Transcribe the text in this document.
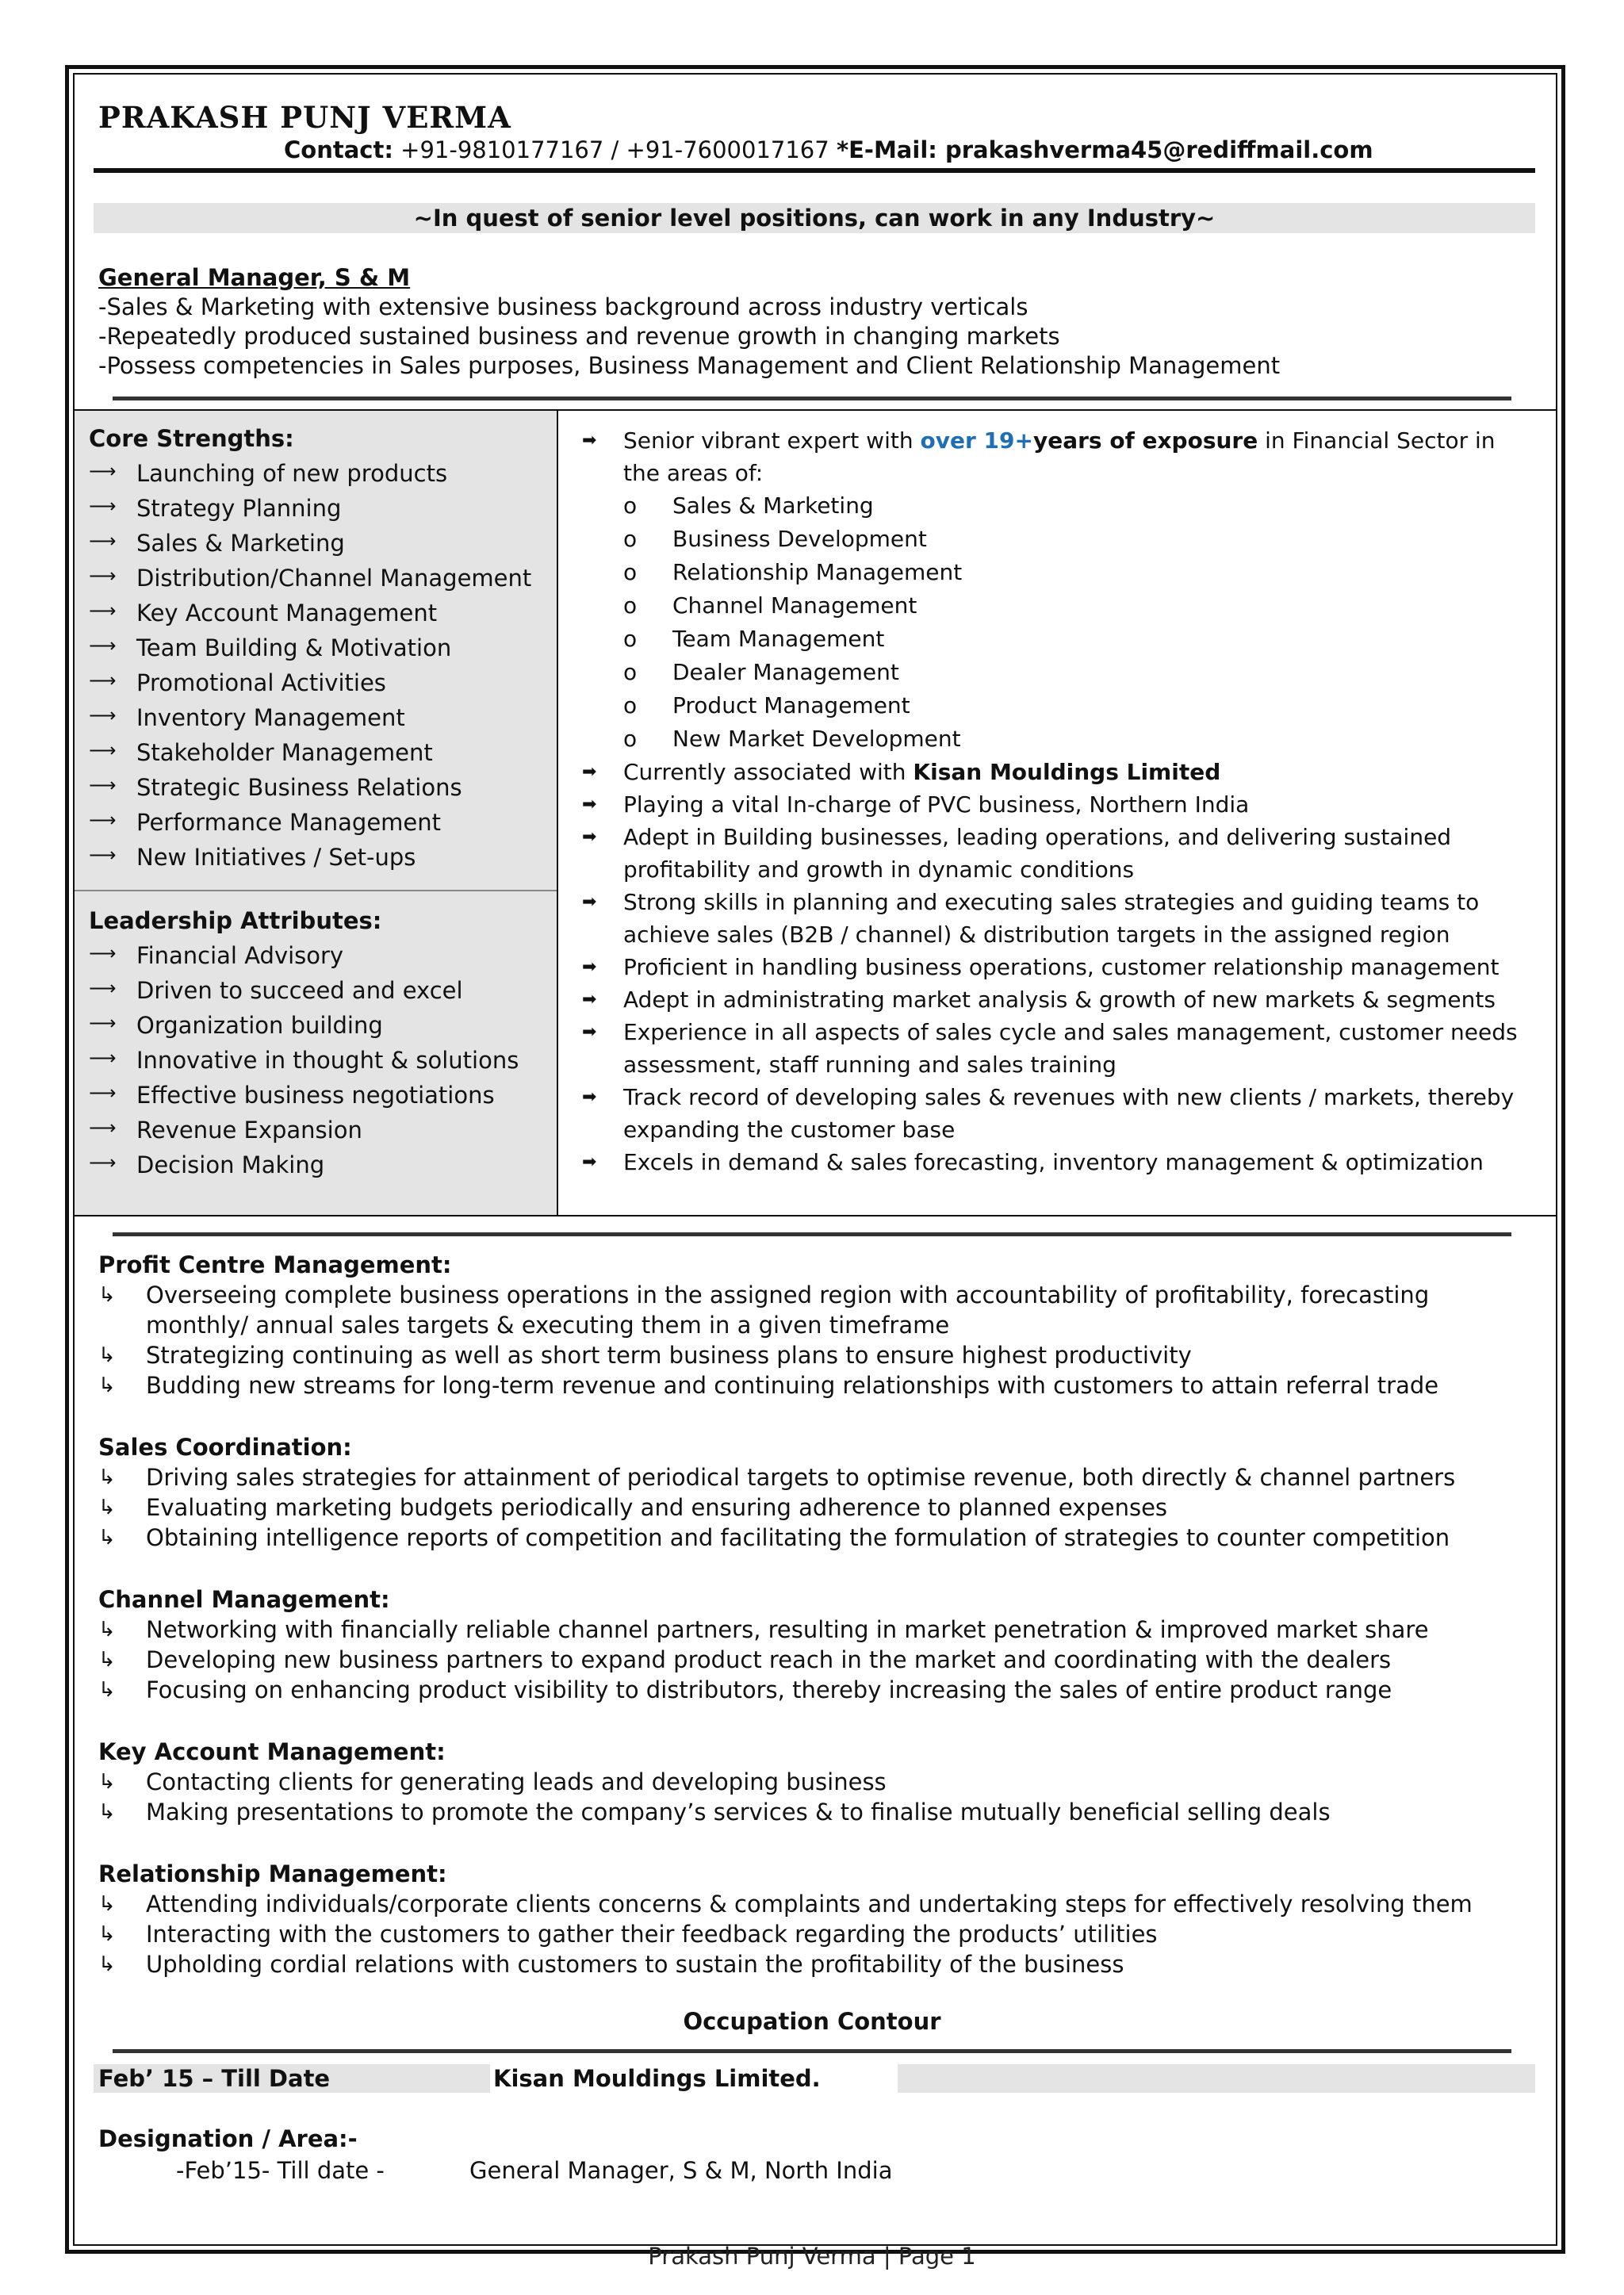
PRAKASH PUNJ VERMA
Contact: +91-9810177167 / +91-7600017167 *E-Mail: prakashverma45@rediffmail.com
~In quest of senior level positions, can work in any Industry~
General Manager, S & M
-Sales & Marketing with extensive business background across industry verticals
-Repeatedly produced sustained business and revenue growth in changing markets
-Possess competencies in Sales purposes, Business Management and Client Relationship Management
Core Strengths:
⟶ Launching of new products
⟶ Strategy Planning
⟶ Sales & Marketing
⟶ Distribution/Channel Management
⟶ Key Account Management
⟶ Team Building & Motivation
⟶ Promotional Activities
⟶ Inventory Management
⟶ Stakeholder Management
⟶ Strategic Business Relations
⟶ Performance Management
⟶ New Initiatives / Set-ups
Leadership Attributes:
⟶ Financial Advisory
⟶ Driven to succeed and excel
⟶ Organization building
⟶ Innovative in thought & solutions
⟶ Effective business negotiations
⟶ Revenue Expansion
⟶ Decision Making
➡	Senior vibrant expert with over 19+years of exposure in Financial Sector in the areas of:
o	Sales & Marketing
o	Business Development
o	Relationship Management
o	Channel Management
o	Team Management
o	Dealer Management
o	Product Management
o	New Market Development
➡	Currently associated with Kisan Mouldings Limited
➡	Playing a vital In-charge of PVC business, Northern India
➡	Adept in Building businesses, leading operations, and delivering sustained profitability and growth in dynamic conditions
➡	Strong skills in planning and executing sales strategies and guiding teams to achieve sales (B2B / channel) & distribution targets in the assigned region
➡	Proficient in handling business operations, customer relationship management
➡	Adept in administrating market analysis & growth of new markets & segments
➡	Experience in all aspects of sales cycle and sales management, customer needs assessment, staff running and sales training
➡	Track record of developing sales & revenues with new clients / markets, thereby expanding the customer base
➡	Excels in demand & sales forecasting, inventory management & optimization
Profit Centre Management:
↳	Overseeing complete business operations in the assigned region with accountability of profitability, forecasting monthly/ annual sales targets & executing them in a given timeframe
↳	Strategizing continuing as well as short term business plans to ensure highest productivity
↳	Budding new streams for long-term revenue and continuing relationships with customers to attain referral trade
Sales Coordination:
↳	Driving sales strategies for attainment of periodical targets to optimise revenue, both directly & channel partners
↳	Evaluating marketing budgets periodically and ensuring adherence to planned expenses
↳	Obtaining intelligence reports of competition and facilitating the formulation of strategies to counter competition
Channel Management:
↳	Networking with financially reliable channel partners, resulting in market penetration & improved market share
↳	Developing new business partners to expand product reach in the market and coordinating with the dealers
↳	Focusing on enhancing product visibility to distributors, thereby increasing the sales of entire product range
Key Account Management:
↳	Contacting clients for generating leads and developing business
↳	Making presentations to promote the company’s services & to finalise mutually beneficial selling deals
Relationship Management:
↳	Attending individuals/corporate clients concerns & complaints and undertaking steps for effectively resolving them
↳	Interacting with the customers to gather their feedback regarding the products’ utilities
↳	Upholding cordial relations with customers to sustain the profitability of the business
Occupation Contour
Feb’ 15 – Till Date	Kisan Mouldings Limited.
Designation / Area:-
-Feb’15- Till date -	General Manager, S & M, North India
Prakash Punj Verma | Page 1
